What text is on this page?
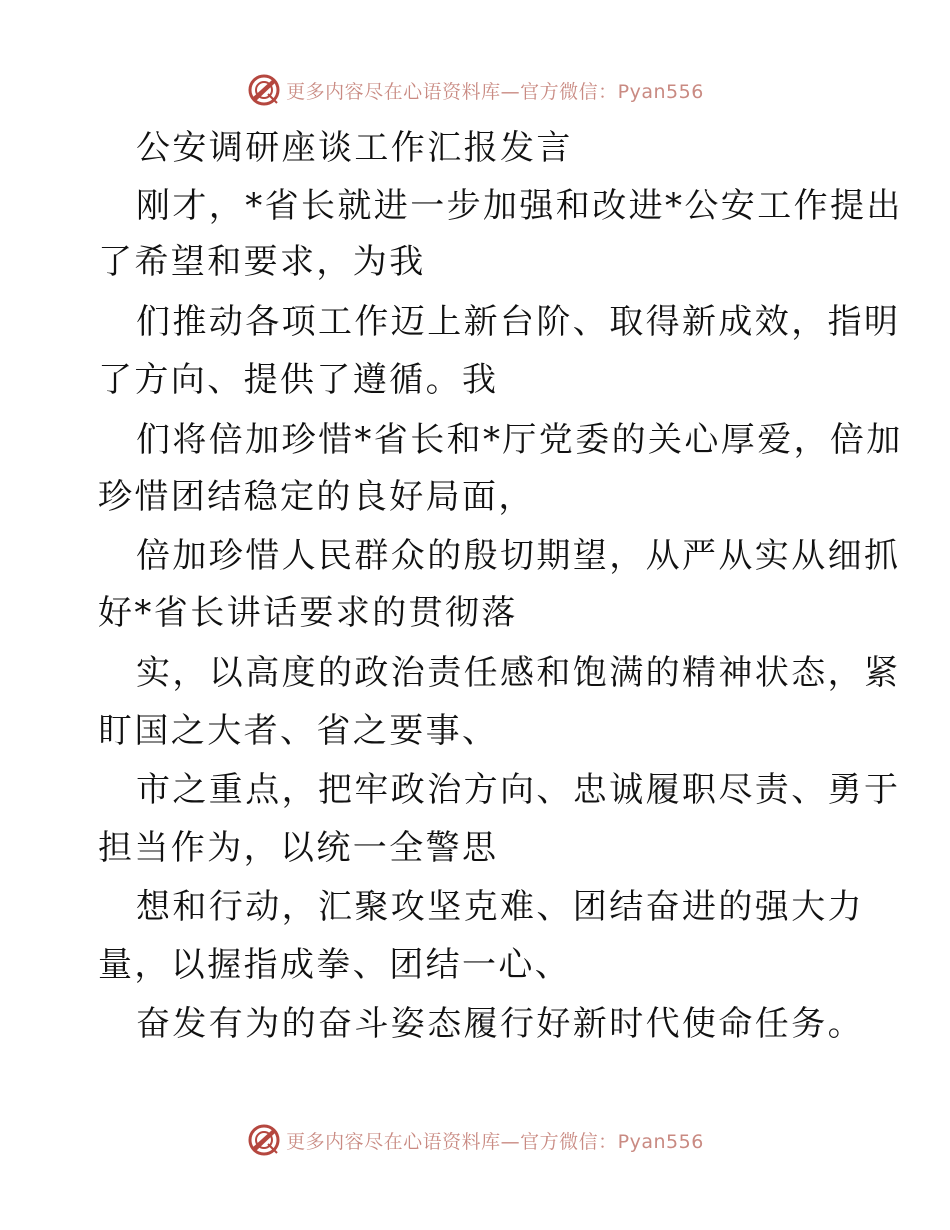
更多内容尽在心语资料库—官方微信：Pyan556
公安调研座谈工作汇报发言
刚才，*省长就进一步加强和改进*公安工作提出
了希望和要求，为我
们推动各项工作迈上新台阶、取得新成效，指明
了方向、提供了遵循。我
们将倍加珍惜*省长和*厅党委的关心厚爱，倍加
珍惜团结稳定的良好局面，
倍加珍惜人民群众的殷切期望，从严从实从细抓
好*省长讲话要求的贯彻落
实，以高度的政治责任感和饱满的精神状态，紧
盯国之大者、省之要事、
市之重点，把牢政治方向、忠诚履职尽责、勇于
担当作为，以统一全警思
想和行动，汇聚攻坚克难、团结奋进的强大力
量，以握指成拳、团结一心、
奋发有为的奋斗姿态履行好新时代使命任务。
更多内容尽在心语资料库—官方微信：Pyan556
